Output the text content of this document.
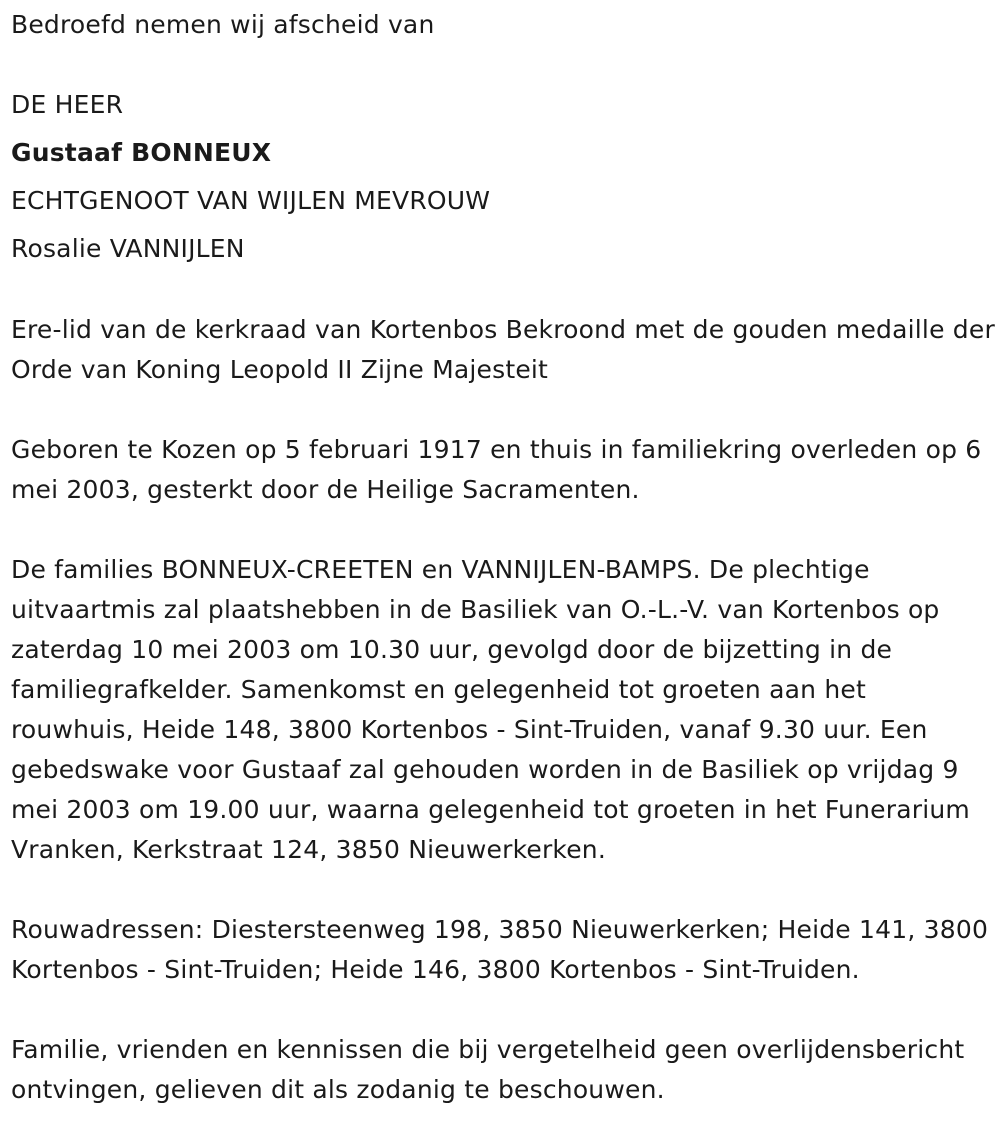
Bedroefd nemen wij afscheid van
DE HEER
Gustaaf BONNEUX
ECHTGENOOT VAN WIJLEN MEVROUW
Rosalie VANNIJLEN
Ere-lid van de kerkraad van Kortenbos Bekroond met de gouden medaille der Orde van Koning Leopold II Zijne Majesteit
Geboren te Kozen op 5 februari 1917 en thuis in familiekring overleden op 6 mei 2003, gesterkt door de Heilige Sacramenten.
De families BONNEUX-CREETEN en VANNIJLEN-BAMPS. De plechtige uitvaartmis zal plaatshebben in de Basiliek van O.-L.-V. van Kortenbos op zaterdag 10 mei 2003 om 10.30 uur, gevolgd door de bijzetting in de familiegrafkelder. Samenkomst en gelegenheid tot groeten aan het rouwhuis, Heide 148, 3800 Kortenbos - Sint-Truiden, vanaf 9.30 uur. Een gebedswake voor Gustaaf zal gehouden worden in de Basiliek op vrijdag 9 mei 2003 om 19.00 uur, waarna gelegenheid tot groeten in het Funerarium Vranken, Kerkstraat 124, 3850 Nieuwerkerken.
Rouwadressen: Diestersteenweg 198, 3850 Nieuwerkerken; Heide 141, 3800 Kortenbos - Sint-Truiden; Heide 146, 3800 Kortenbos - Sint-Truiden.
Familie, vrienden en kennissen die bij vergetelheid geen overlijdensbericht ontvingen, gelieven dit als zodanig te beschouwen.
